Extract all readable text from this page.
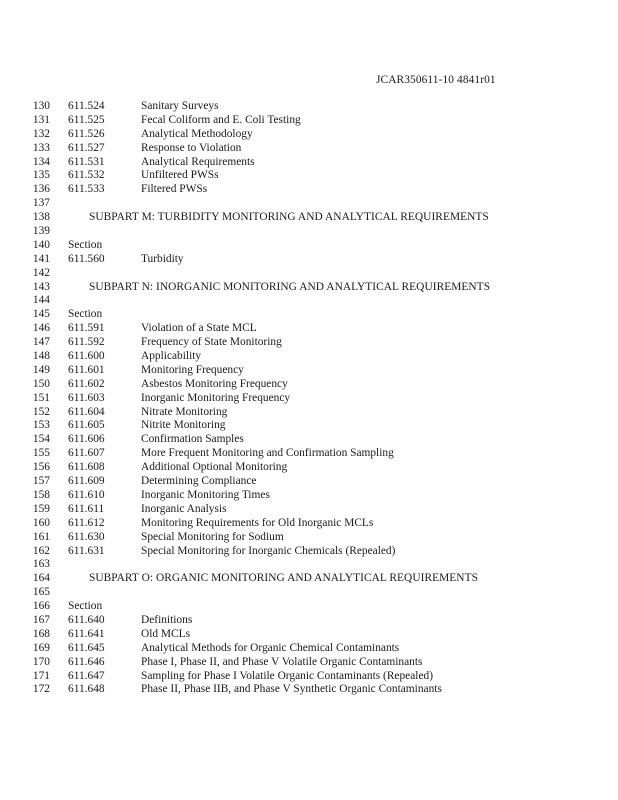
JCAR350611-10 4841r01
130 611.524	Sanitary Surveys
131 611.525	Fecal Coliform and E. Coli Testing
132 611.526	Analytical Methodology
133 611.527	Response to Violation
134 611.531	Analytical Requirements
135 611.532	Unfiltered PWSs
136 611.533	Filtered PWSs
137
138	SUBPART M: TURBIDITY MONITORING AND ANALYTICAL REQUIREMENTS
139
140 Section
141 611.560	Turbidity
142
143	SUBPART N: INORGANIC MONITORING AND ANALYTICAL REQUIREMENTS
144
145 Section
146 611.591	Violation of a State MCL
147 611.592	Frequency of State Monitoring
148 611.600	Applicability
149 611.601	Monitoring Frequency
150 611.602	Asbestos Monitoring Frequency
151 611.603	Inorganic Monitoring Frequency
152 611.604	Nitrate Monitoring
153 611.605	Nitrite Monitoring
154 611.606	Confirmation Samples
155 611.607	More Frequent Monitoring and Confirmation Sampling
156 611.608	Additional Optional Monitoring
157 611.609	Determining Compliance
158 611.610	Inorganic Monitoring Times
159 611.611	Inorganic Analysis
160 611.612	Monitoring Requirements for Old Inorganic MCLs
161 611.630	Special Monitoring for Sodium
162 611.631	Special Monitoring for Inorganic Chemicals (Repealed)
163
164	SUBPART O: ORGANIC MONITORING AND ANALYTICAL REQUIREMENTS
165
166 Section
167 611.640	Definitions
168 611.641	Old MCLs
169 611.645	Analytical Methods for Organic Chemical Contaminants
170 611.646	Phase I, Phase II, and Phase V Volatile Organic Contaminants
171 611.647	Sampling for Phase I Volatile Organic Contaminants (Repealed)
172 611.648	Phase II, Phase IIB, and Phase V Synthetic Organic Contaminants
